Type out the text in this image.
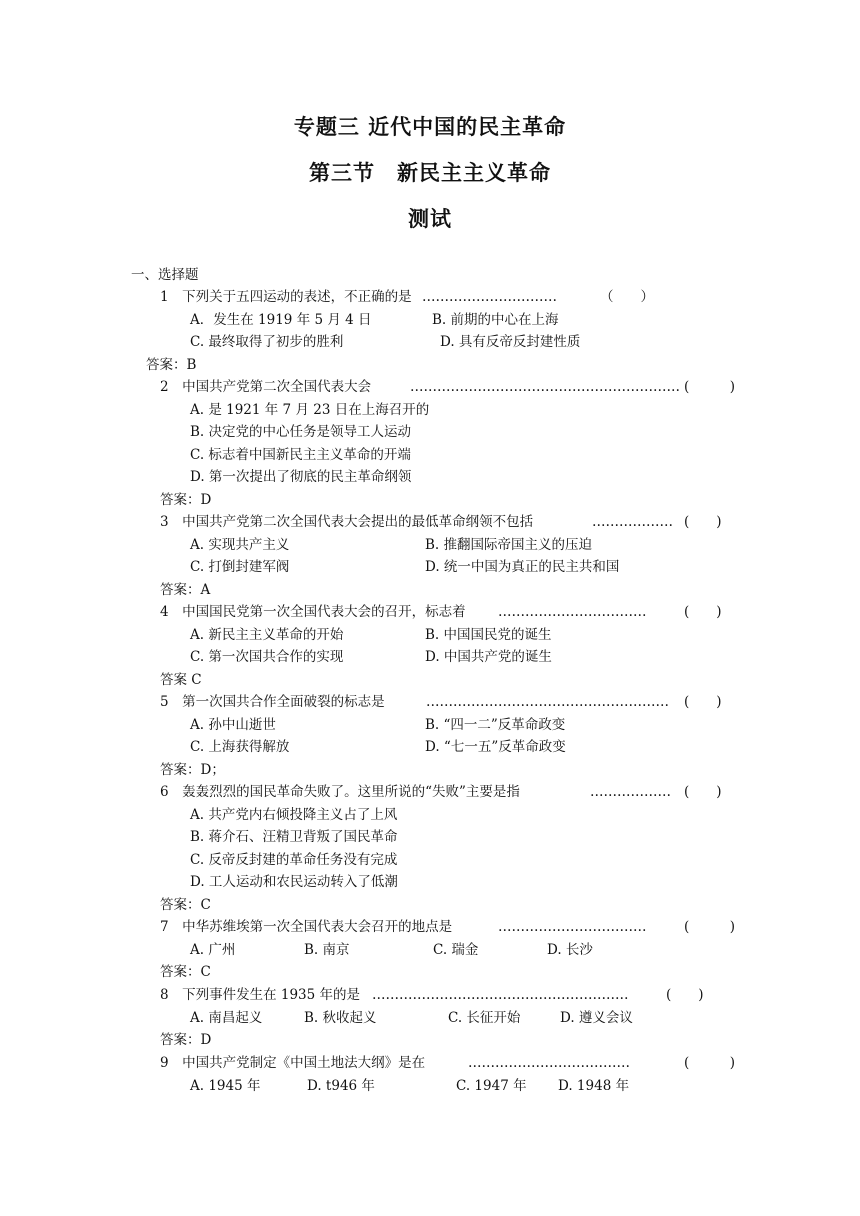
专题三 近代中国的民主革命
第三节　新民主主义革命
测试
一、选择题
1　下列关于五四运动的表述，不正确的是 …………………………	（　　）
A．发生在 1919 年 5 月 4 日	B. 前期的中心在上海
C. 最终取得了初步的胜利	D. 具有反帝反封建性质
答案：B
2　中国共产党第二次全国代表大会	…………………………………………………… (　　　)
A. 是 1921 年 7 月 23 日在上海召开的
B. 决定党的中心任务是领导工人运动
C. 标志着中国新民主主义革命的开端
D. 第一次提出了彻底的民主革命纲领
答案：D
3　中国共产党第二次全国代表大会提出的最低革命纲领不包括	……………… (　　)
A. 实现共产主义	B. 推翻国际帝国主义的压迫
C. 打倒封建军阀	D. 统一中国为真正的民主共和国
答案：A
4　中国国民党第一次全国代表大会的召开，标志着 ……………………………	(　　)
A. 新民主主义革命的开始	B. 中国国民党的诞生
C. 第一次国共合作的实现	D. 中国共产党的诞生
答案 C
5　第一次国共合作全面破裂的标志是	………………………………………………	(　　)
A. 孙中山逝世	B. “四一二”反革命政变
C. 上海获得解放	D. “七一五”反革命政变
答案：D；
6　轰轰烈烈的国民革命失败了。这里所说的“失败”主要是指	……………… (　　)
A. 共产党内右倾投降主义占了上风
B. 蒋介石、汪精卫背叛了国民革命
C. 反帝反封建的革命任务没有完成
D. 工人运动和农民运动转入了低潮
答案：C
7　中华苏维埃第一次全国代表大会召开的地点是	……………………………	(　　　)
A. 广州	B. 南京	C. 瑞金	D. 长沙
答案：C
8　下列事件发生在 1935 年的是 …………………………………………………	(　　)
A. 南昌起义	B. 秋收起义	C. 长征开始	D. 遵义会议
答案：D
9　中国共产党制定《中国土地法大纲》是在	………………………………	(　　　)
A. 1945 年	D. t946 年	C. 1947 年 D. 1948 年
